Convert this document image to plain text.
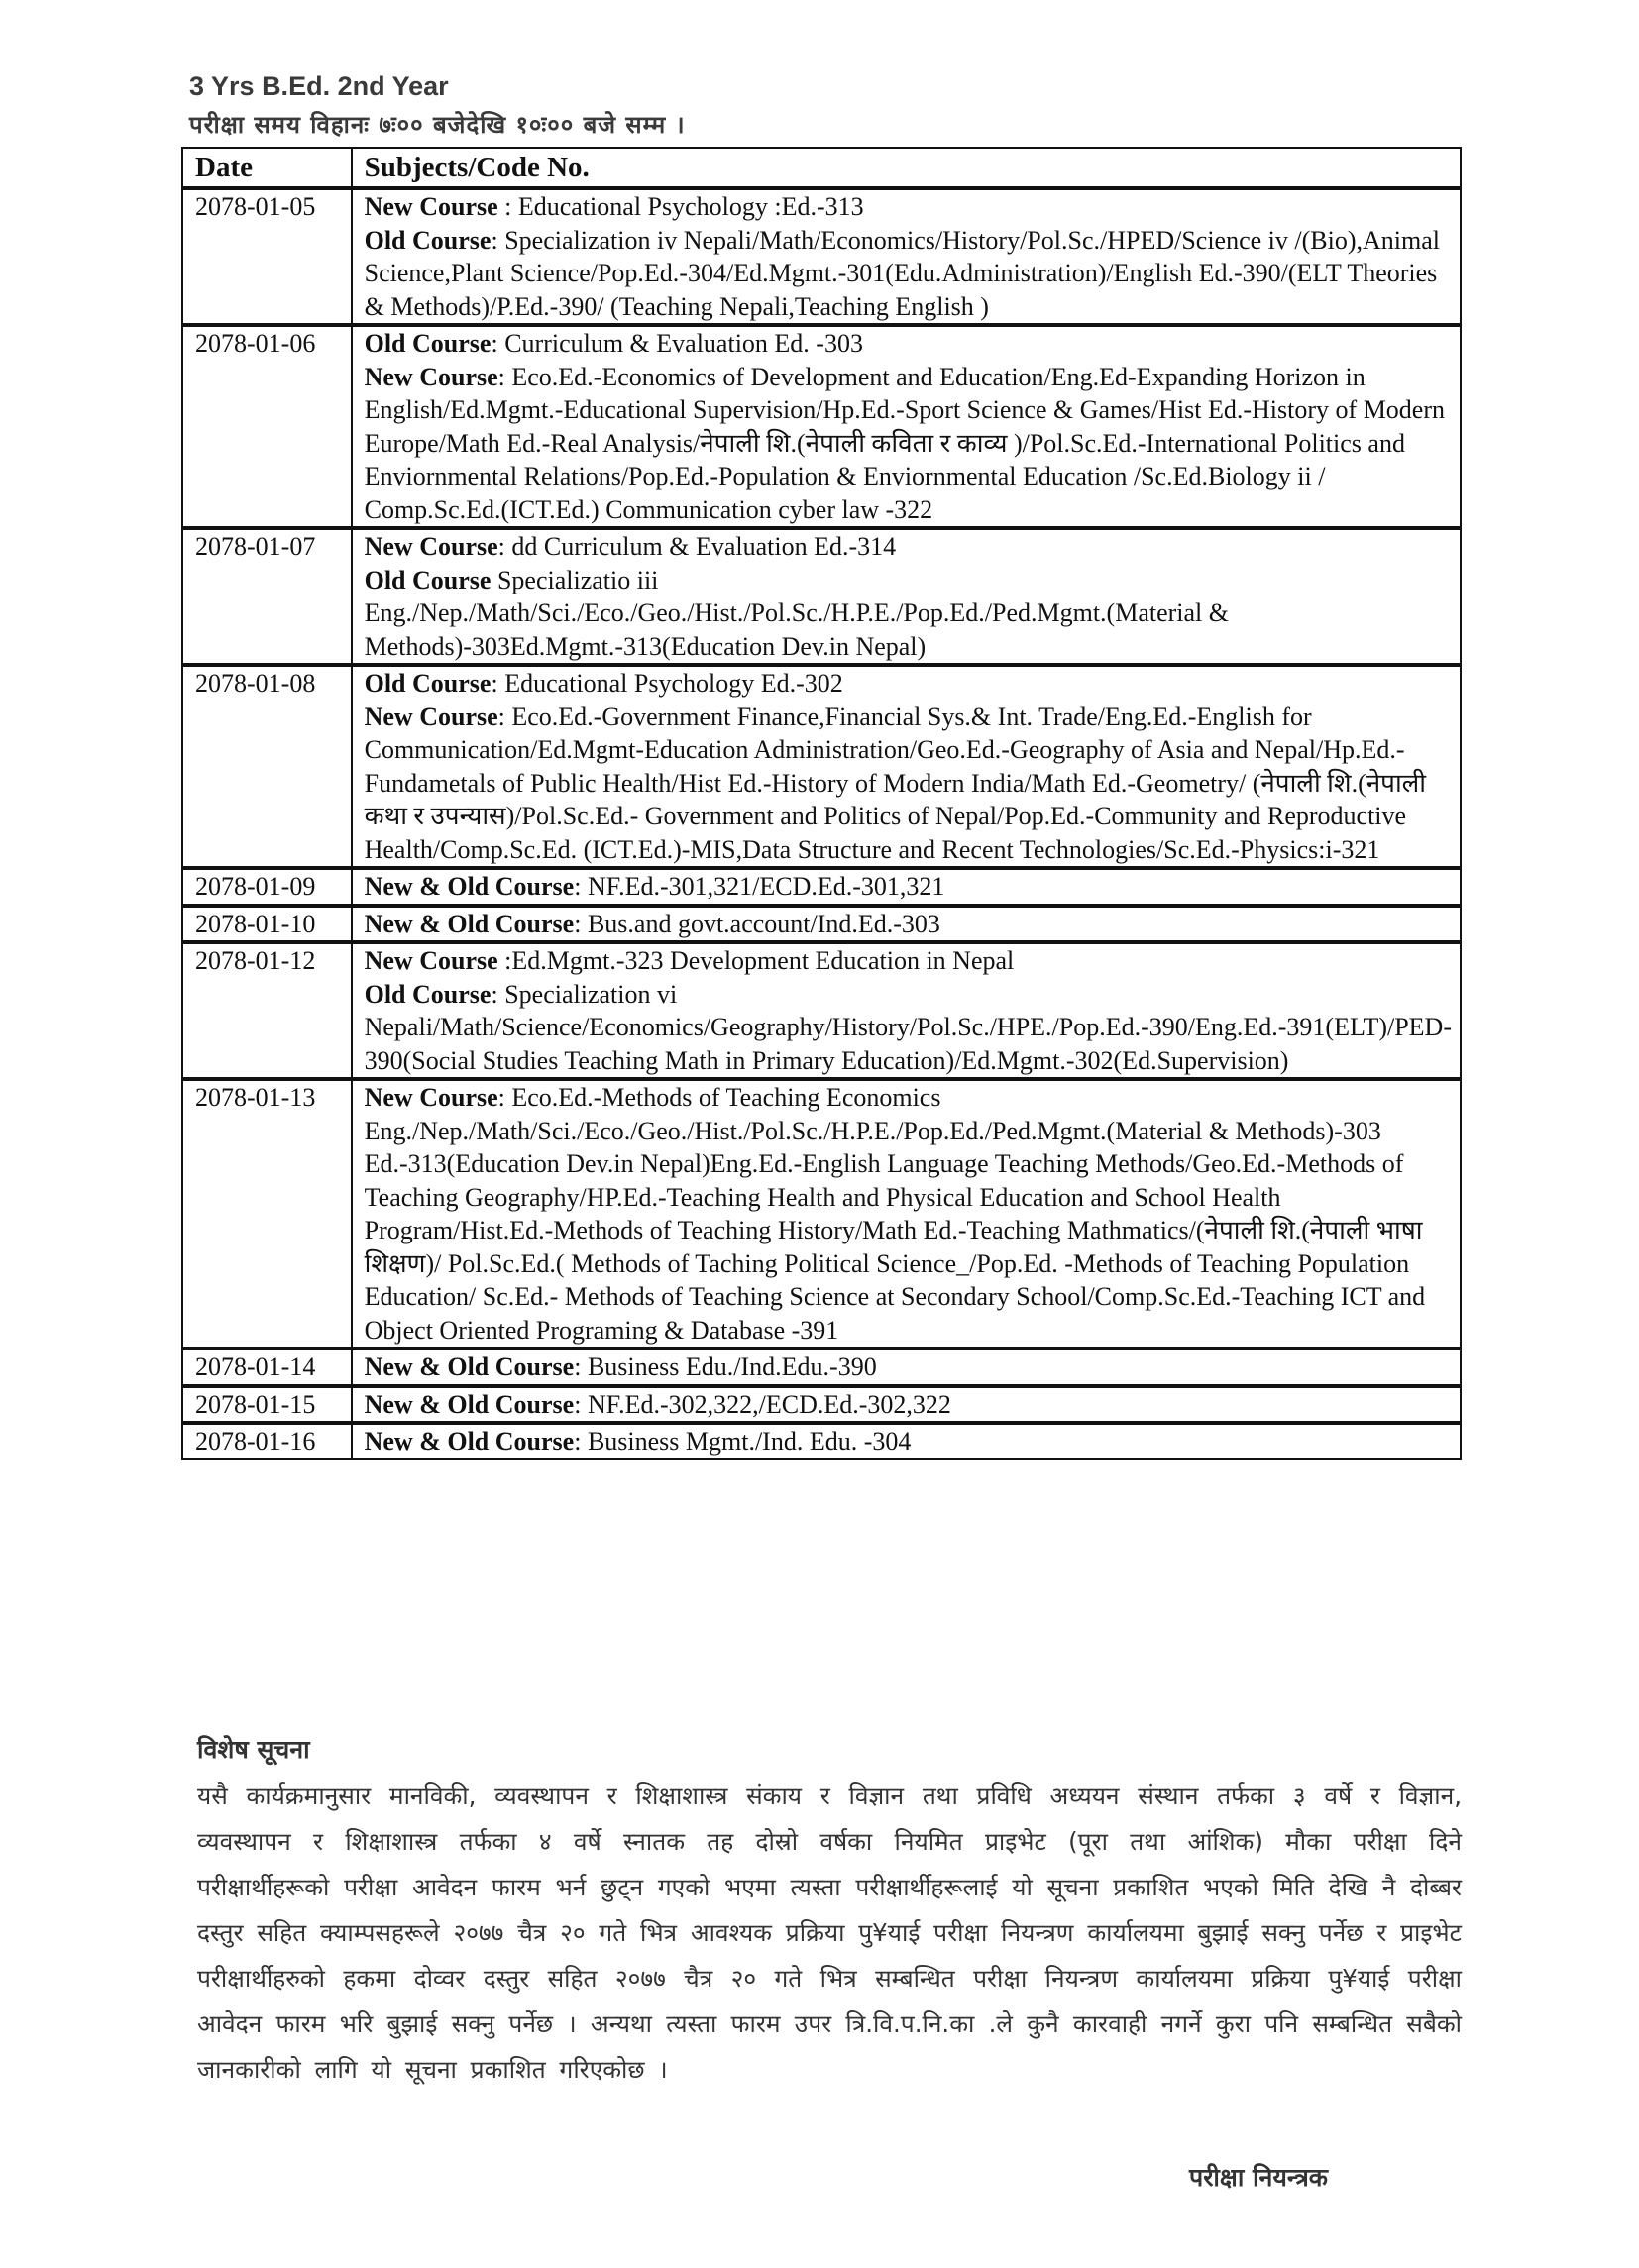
3 Yrs B.Ed. 2nd Year
परीक्षा समय विहानः ७ः०० बजेदेखि १०ः०० बजे सम्म ।
Date	Subjects/Code No.
2078-01-05	New Course : Educational Psychology :Ed.-313
Old Course: Specialization iv Nepali/Math/Economics/History/Pol.Sc./HPED/Science iv /(Bio),Animal Science,Plant Science/Pop.Ed.-304/Ed.Mgmt.-301(Edu.Administration)/English Ed.-390/(ELT Theories & Methods)/P.Ed.-390/ (Teaching Nepali,Teaching English )

2078-01-06	Old Course: Curriculum & Evaluation Ed. -303
New Course: Eco.Ed.-Economics of Development and Education/Eng.Ed-Expanding Horizon in English/Ed.Mgmt.-Educational Supervision/Hp.Ed.-Sport Science & Games/Hist Ed.-History of Modern Europe/Math Ed.-Real Analysis/नेपाली शि.(नेपाली कविता र काव्य )/Pol.Sc.Ed.-International Politics and Enviornmental Relations/Pop.Ed.-Population & Enviornmental Education /Sc.Ed.Biology ii / Comp.Sc.Ed.(ICT.Ed.) Communication cyber law -322

2078-01-07	New Course: dd Curriculum & Evaluation Ed.-314
Old Course Specializatio iii
Eng./Nep./Math/Sci./Eco./Geo./Hist./Pol.Sc./H.P.E./Pop.Ed./Ped.Mgmt.(Material & Methods)-303Ed.Mgmt.-313(Education Dev.in Nepal)

2078-01-08	Old Course: Educational Psychology Ed.-302
New Course: Eco.Ed.-Government Finance,Financial Sys.& Int. Trade/Eng.Ed.-English for Communication/Ed.Mgmt-Education Administration/Geo.Ed.-Geography of Asia and Nepal/Hp.Ed.-Fundametals of Public Health/Hist Ed.-History of Modern India/Math Ed.-Geometry/ (नेपाली शि.(नेपाली कथा र उपन्यास)/Pol.Sc.Ed.- Government and Politics of Nepal/Pop.Ed.-Community and Reproductive Health/Comp.Sc.Ed. (ICT.Ed.)-MIS,Data Structure and Recent Technologies/Sc.Ed.-Physics:i-321

2078-01-09	New & Old Course: NF.Ed.-301,321/ECD.Ed.-301,321

2078-01-10	New & Old Course: Bus.and govt.account/Ind.Ed.-303

2078-01-12	New Course :Ed.Mgmt.-323 Development Education in Nepal
Old Course: Specialization vi
Nepali/Math/Science/Economics/Geography/History/Pol.Sc./HPE./Pop.Ed.-390/Eng.Ed.-391(ELT)/PED-390(Social Studies Teaching Math in Primary Education)/Ed.Mgmt.-302(Ed.Supervision)

2078-01-13	New Course: Eco.Ed.-Methods of Teaching Economics
Eng./Nep./Math/Sci./Eco./Geo./Hist./Pol.Sc./H.P.E./Pop.Ed./Ped.Mgmt.(Material & Methods)-303
Ed.-313(Education Dev.in Nepal)Eng.Ed.-English Language Teaching Methods/Geo.Ed.-Methods of Teaching Geography/HP.Ed.-Teaching Health and Physical Education and School Health Program/Hist.Ed.-Methods of Teaching History/Math Ed.-Teaching Mathmatics/(नेपाली शि.(नेपाली भाषा शिक्षण)/ Pol.Sc.Ed.( Methods of Taching Political Science_/Pop.Ed. -Methods of Teaching Population Education/ Sc.Ed.- Methods of Teaching Science at Secondary School/Comp.Sc.Ed.-Teaching ICT and Object Oriented Programing & Database -391

2078-01-14	New & Old Course: Business Edu./Ind.Edu.-390

2078-01-15	New & Old Course: NF.Ed.-302,322,/ECD.Ed.-302,322

2078-01-16	New & Old Course: Business Mgmt./Ind. Edu. -304
विशेष सूचना

यसै कार्यक्रमानुसार मानविकी, व्यवस्थापन र शिक्षाशास्त्र संकाय र विज्ञान तथा प्रविधि अध्ययन संस्थान तर्फका ३ वर्षे र विज्ञान, व्यवस्थापन र शिक्षाशास्त्र तर्फका ४ वर्षे स्नातक तह दोस्रो वर्षका नियमित प्राइभेट (पूरा तथा आंशिक) मौका परीक्षा दिने परीक्षार्थीहरूको परीक्षा आवेदन फारम भर्न छुट्न गएको भएमा त्यस्ता परीक्षार्थीहरूलाई यो सूचना प्रकाशित भएको मिति देखि नै दोब्बर दस्तुर सहित क्याम्पसहरूले २०७७ चैत्र २० गते भित्र आवश्यक प्रक्रिया पु¥याई परीक्षा नियन्त्रण कार्यालयमा बुझाई सक्नु पर्नेछ र प्राइभेट परीक्षार्थीहरुको हकमा दोव्वर दस्तुर सहित २०७७ चैत्र २० गते भित्र सम्बन्धित परीक्षा नियन्त्रण कार्यालयमा प्रक्रिया पु¥याई परीक्षा आवेदन फारम भरि बुझाई सक्नु पर्नेछ । अन्यथा त्यस्ता फारम उपर त्रि.वि.प.नि.का .ले कुनै कारवाही नगर्ने कुरा पनि सम्बन्धित सबैको जानकारीको लागि यो सूचना प्रकाशित गरिएकोछ ।

परीक्षा नियन्त्रक
